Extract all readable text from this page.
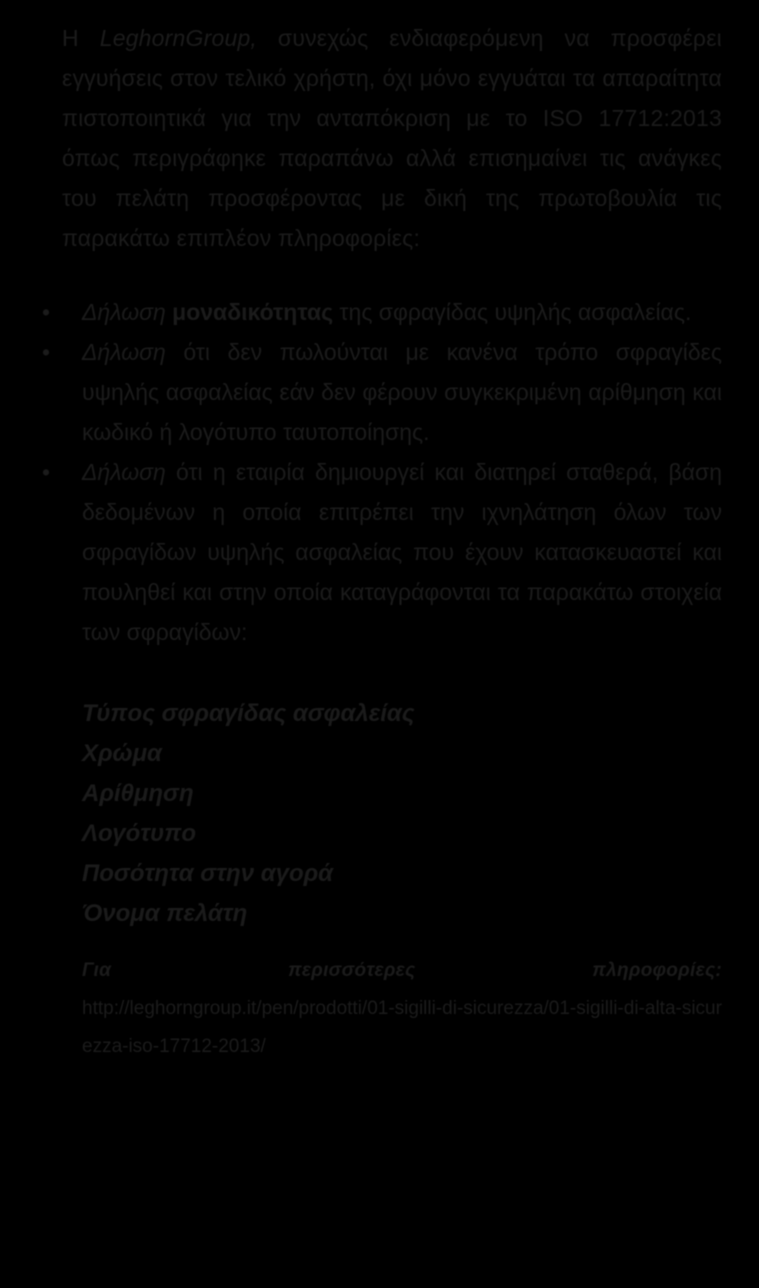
Η LeghornGroup, συνεχώς ενδιαφερόμενη να προσφέρει εγγυήσεις στον τελικό χρήστη, όχι μόνο εγγυάται τα απαραίτητα πιστοποιητικά για την ανταπόκριση με το ISO 17712:2013 όπως περιγράφηκε παραπάνω αλλά επισημαίνει τις ανάγκες του πελάτη προσφέροντας με δική της πρωτοβουλία τις παρακάτω επιπλέον πληροφορίες:

•	Δήλωση μοναδικότητας της σφραγίδας υψηλής ασφαλείας.
•	Δήλωση ότι δεν πωλούνται με κανένα τρόπο σφραγίδες υψηλής ασφαλείας εάν δεν φέρουν συγκεκριμένη αρίθμηση και κωδικό ή λογότυπο ταυτοποίησης.
•	Δήλωση ότι η εταιρία δημιουργεί και διατηρεί σταθερά, βάση δεδομένων η οποία επιτρέπει την ιχνηλάτηση όλων των σφραγίδων υψηλής ασφαλείας που έχουν κατασκευαστεί και πουληθεί και στην οποία καταγράφονται τα παρακάτω στοιχεία των σφραγίδων:
Τύπος σφραγίδας ασφαλείας
Χρώμα
Αρίθμηση
Λογότυπο
Ποσότητα στην αγορά
Όνομα πελάτη
Για	περισσότερες	πληροφορίες:
http://leghorngroup.it/pen/prodotti/01-sigilli-di-sicurezza/01-sigilli-di-alta-sicurezza-iso-17712-2013/
